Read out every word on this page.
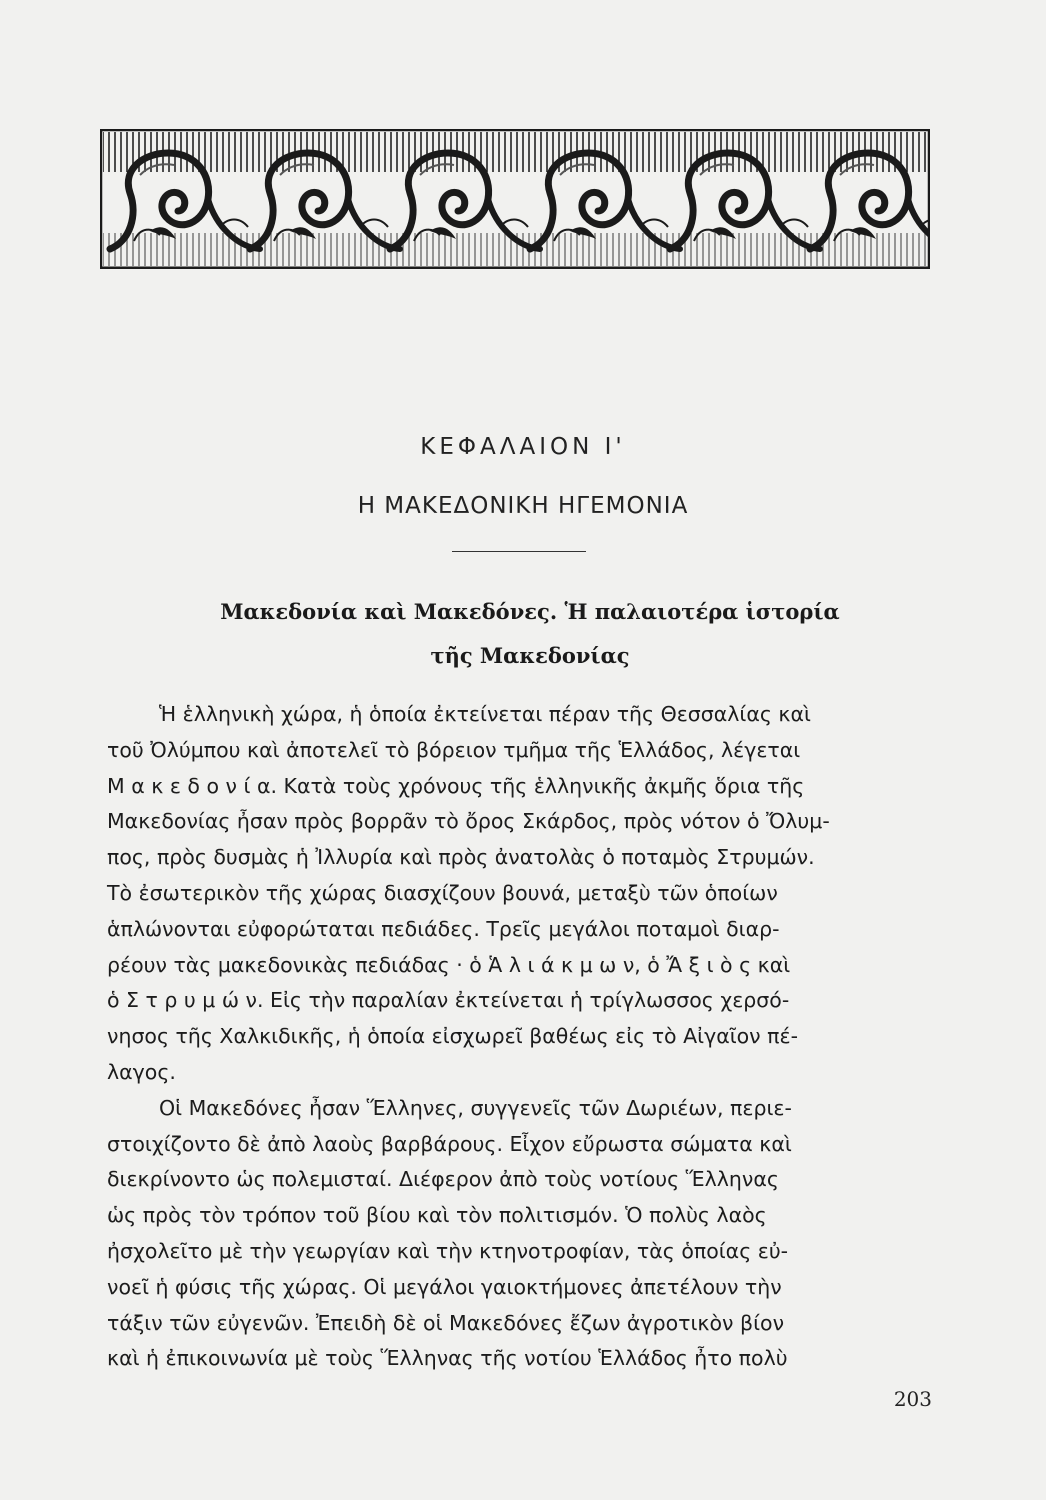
ΚΕΦΑΛΑΙΟΝ Ι'
Η ΜΑΚΕΔΟΝΙΚΗ ΗΓΕΜΟΝΙΑ
Μακεδονία καὶ Μακεδόνες. Ἡ παλαιοτέρα ἱστορία
τῆς Μακεδονίας

Ἡ ἑλληνικὴ χώρα, ἡ ὁποία ἐκτείνεται πέραν τῆς Θεσσαλίας καὶ
τοῦ Ὀλύμπου καὶ ἀποτελεῖ τὸ βόρειον τμῆμα τῆς Ἑλλάδος, λέγεται
Μ α κ ε δ ο ν ί α. Κατὰ τοὺς χρόνους τῆς ἑλληνικῆς ἀκμῆς ὅρια τῆς
Μακεδονίας ἦσαν πρὸς βορρᾶν τὸ ὄρος Σκάρδος, πρὸς νότον ὁ Ὄλυμ-
πος, πρὸς δυσμὰς ἡ Ἰλλυρία καὶ πρὸς ἀνατολὰς ὁ ποταμὸς Στρυμών.
Τὸ ἐσωτερικὸν τῆς χώρας διασχίζουν βουνά, μεταξὺ τῶν ὁποίων
ἁπλώνονται εὐφορώταται πεδιάδες. Τρεῖς μεγάλοι ποταμοὶ διαρ-
ρέουν τὰς μακεδονικὰς πεδιάδας · ὁ Ἁ λ ι ά κ μ ω ν, ὁ Ἄ ξ ι ὸ ς καὶ
ὁ Σ τ ρ υ μ ώ ν. Εἰς τὴν παραλίαν ἐκτείνεται ἡ τρίγλωσσος χερσό-
νησος τῆς Χαλκιδικῆς, ἡ ὁποία εἰσχωρεῖ βαθέως εἰς τὸ Αἰγαῖον πέ-
λαγος.
Οἱ Μακεδόνες ἦσαν Ἕλληνες, συγγενεῖς τῶν Δωριέων, περιε-
στοιχίζοντο δὲ ἀπὸ λαοὺς βαρβάρους. Εἶχον εὔρωστα σώματα καὶ
διεκρίνοντο ὡς πολεμισταί. Διέφερον ἀπὸ τοὺς νοτίους Ἕλληνας
ὡς πρὸς τὸν τρόπον τοῦ βίου καὶ τὸν πολιτισμόν. Ὁ πολὺς λαὸς
ἠσχολεῖτο μὲ τὴν γεωργίαν καὶ τὴν κτηνοτροφίαν, τὰς ὁποίας εὐ-
νοεῖ ἡ φύσις τῆς χώρας. Οἱ μεγάλοι γαιοκτήμονες ἀπετέλουν τὴν
τάξιν τῶν εὐγενῶν. Ἐπειδὴ δὲ οἱ Μακεδόνες ἔζων ἀγροτικὸν βίον
καὶ ἡ ἐπικοινωνία μὲ τοὺς Ἕλληνας τῆς νοτίου Ἑλλάδος ἦτο πολὺ

203
